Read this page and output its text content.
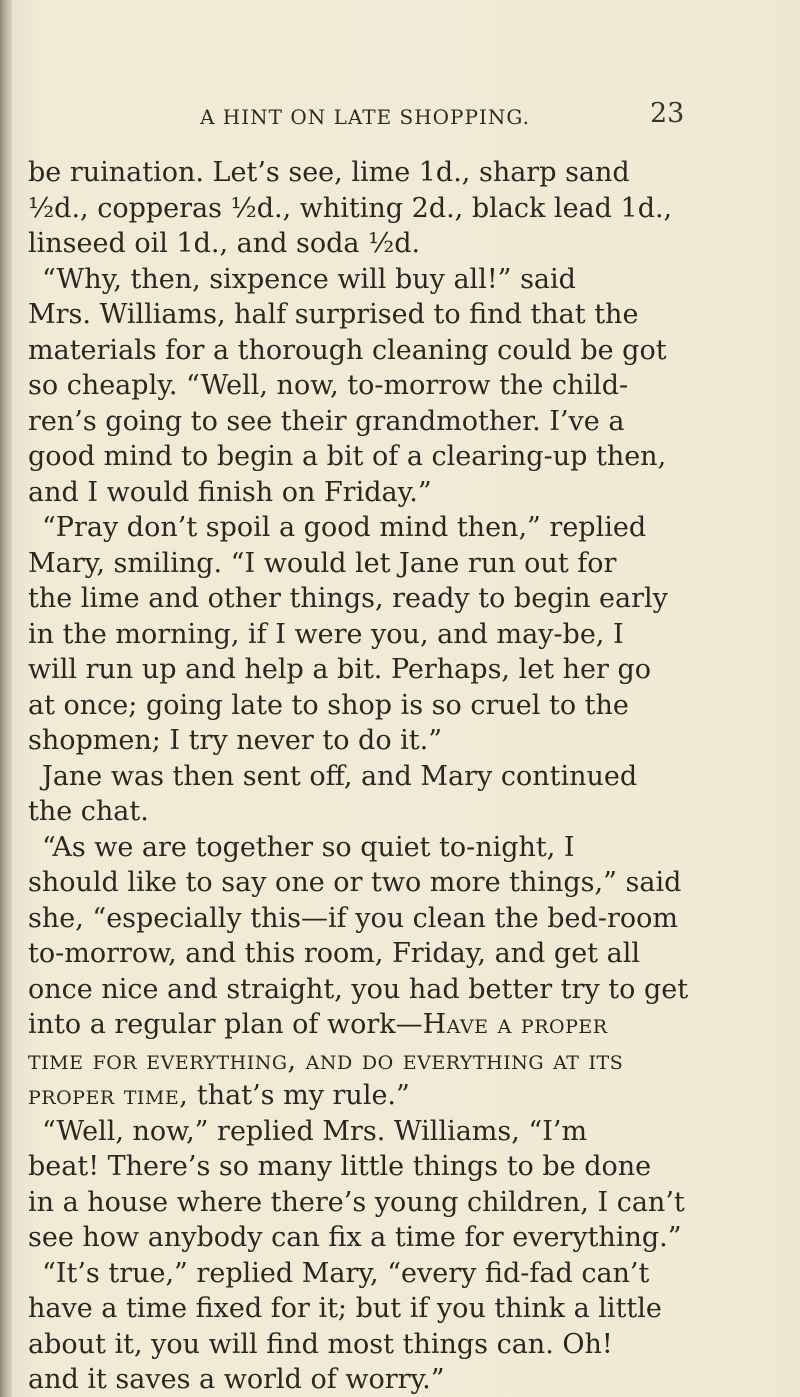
A HINT ON LATE SHOPPING.	23
be ruination. Let’s see, lime 1d., sharp sand
½d., copperas ½d., whiting 2d., black lead 1d.,
linseed oil 1d., and soda ½d.
“Why, then, sixpence will buy all!” said
Mrs. Williams, half surprised to find that the
materials for a thorough cleaning could be got
so cheaply. “Well, now, to-morrow the child-
ren’s going to see their grandmother. I’ve a
good mind to begin a bit of a clearing-up then,
and I would finish on Friday.”
“Pray don’t spoil a good mind then,” replied
Mary, smiling. “I would let Jane run out for
the lime and other things, ready to begin early
in the morning, if I were you, and may-be, I
will run up and help a bit. Perhaps, let her go
at once; going late to shop is so cruel to the
shopmen; I try never to do it.”
Jane was then sent off, and Mary continued
the chat.
“As we are together so quiet to-night, I
should like to say one or two more things,” said
she, “especially this—if you clean the bed-room
to-morrow, and this room, Friday, and get all
once nice and straight, you had better try to get
into a regular plan of work—Have a proper
time for everything, and do everything at its
proper time, that’s my rule.”
“Well, now,” replied Mrs. Williams, “I’m
beat! There’s so many little things to be done
in a house where there’s young children, I can’t
see how anybody can fix a time for everything.”
“It’s true,” replied Mary, “every fid-fad can’t
have a time fixed for it; but if you think a little
about it, you will find most things can. Oh!
and it saves a world of worry.”
